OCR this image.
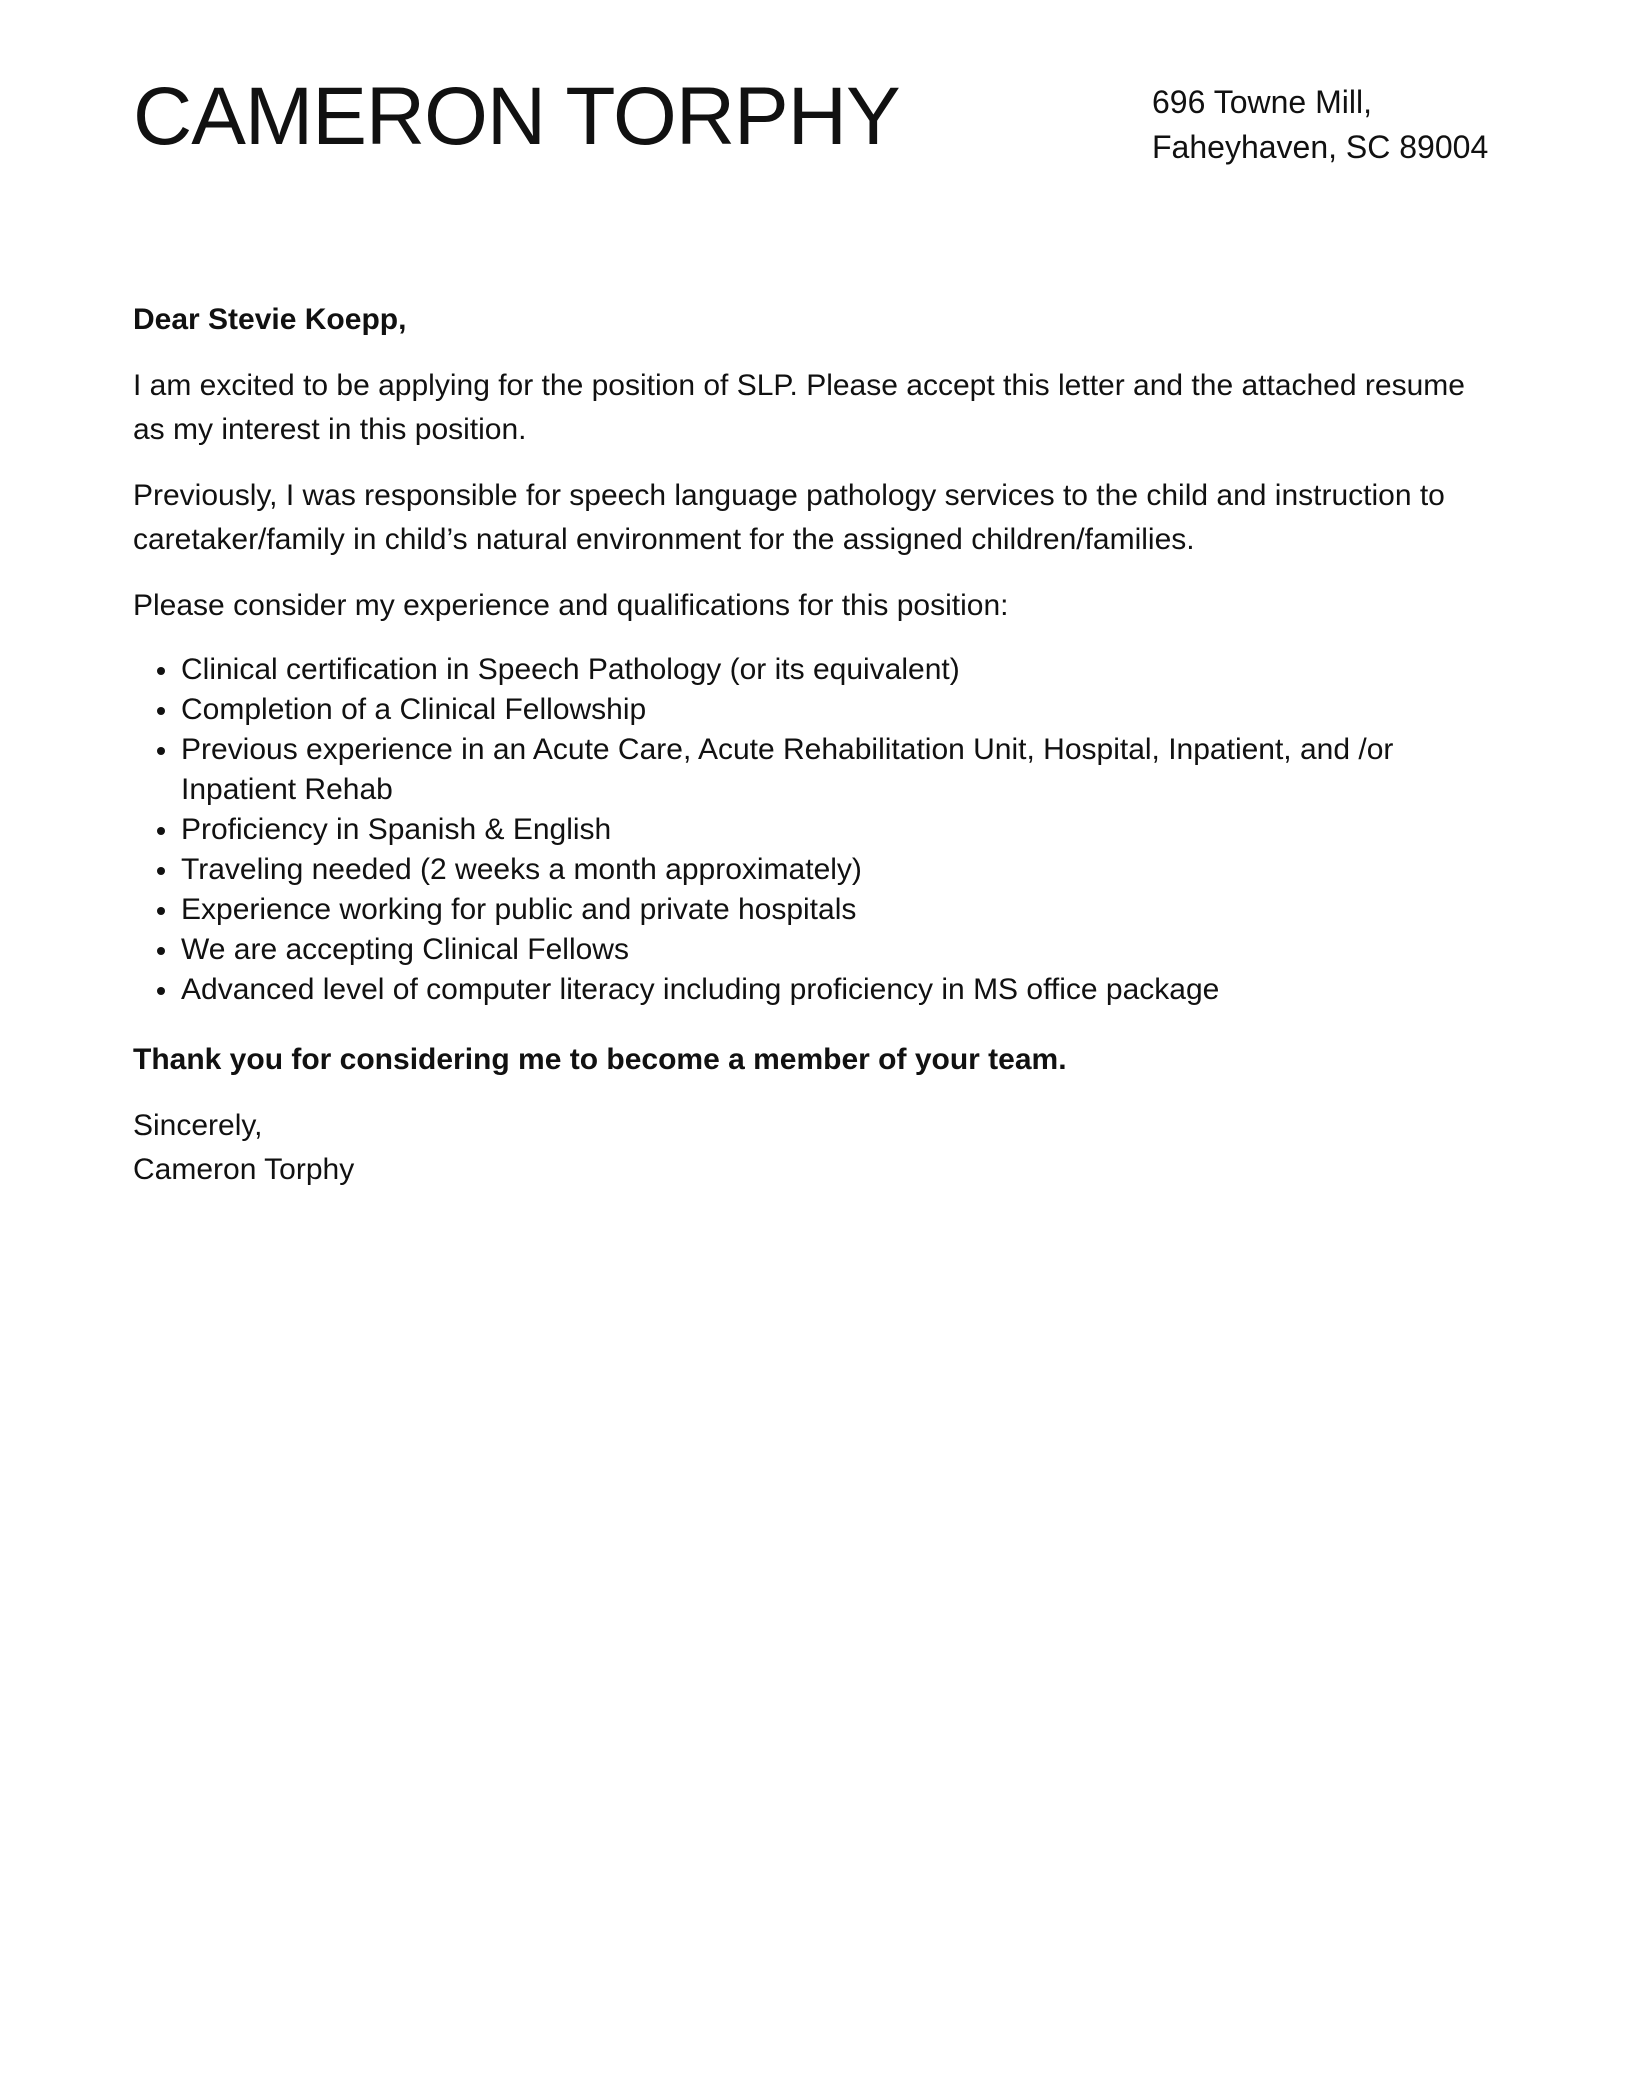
CAMERON TORPHY	696 Towne Mill,
Faheyhaven, SC 89004

Dear Stevie Koepp,

I am excited to be applying for the position of SLP. Please accept this letter and the attached resume as my interest in this position.

Previously, I was responsible for speech language pathology services to the child and instruction to caretaker/family in child’s natural environment for the assigned children/families.

Please consider my experience and qualifications for this position:

Clinical certification in Speech Pathology (or its equivalent)
Completion of a Clinical Fellowship
Previous experience in an Acute Care, Acute Rehabilitation Unit, Hospital, Inpatient, and /or Inpatient Rehab
Proficiency in Spanish & English
Traveling needed (2 weeks a month approximately)
Experience working for public and private hospitals
We are accepting Clinical Fellows
Advanced level of computer literacy including proficiency in MS office package

Thank you for considering me to become a member of your team.

Sincerely,

Cameron Torphy
